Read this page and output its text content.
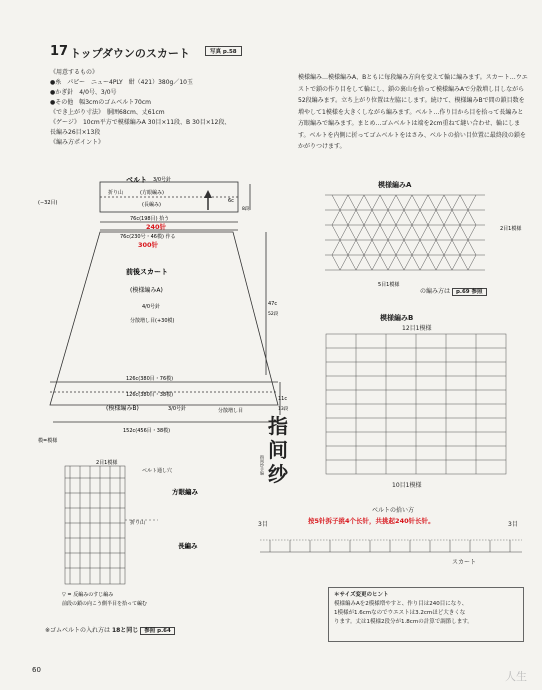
17 トップダウンのスカート	写真 p.58
《用意するもの》
●糸　パピー　ニュー4PLY　紺（421）380g／10玉
●かぎ針　4/0号、3/0号
●その他　幅3cmのゴムベルト70cm
《でき上がり寸法》　 胴囲68cm、丈61cm
《ゲージ》　 10cm平方で模様編みA 30目×11段、B 30目×12段、
長編み26目×13段
《編み方ポイント》
模様編み…模様編みA、Bともに毎段編み方向を変えて輪に編みます。スカート…ウエストで鎖の作り目をして輪にし、鎖の裏山を拾って模様編みAで分散増し目しながら52段編みます。立ち上がり位置は左脇にします。続けて、模様編みBで間の鎖目数を増やして1模様を大きくしながら編みます。ベルト…作り目から目を拾って長編みと方眼編みで編みます。まとめ…ゴムベルトは端を2cm重ねて縫い合わせ、輪にします。ベルトを内側に折ってゴムベルトをはさみ、ベルトの拾い目位置に最終段の鎖をかがりつけます。
ベルト 3/0号針
折り山	(方眼編み)
(長編み)
(−32目)	6c
8段
76c(198目) 拾う
240针
76c(230号・46模) 作る
300针
前後スカート
(模様編みA)
4/0号針
分散増し目(+30模)
47c
52段
126c(380目・76模)
126c(380目・38模)
(模様編みB)	3/0号針	分散増し目
11c
13段
152c(456目・38模)
模=模様
指
间
纱
指间纱手编
2目1模様
ベルト通し穴
方眼編み
折り山
長編み
▽ = 反編みのすじ編み
前段の鎖の向こう側半目を拾って編む
※ゴムベルトの入れ方は 18と同じ 参照 p.64
模様編みA
2目1模様
5目1模様
の編み方は p.69 参照
模様編みB
12目1模様
10目1模様
ベルトの拾い方
按5针拆子挑4个长针，共挑起240针长针。
3目	3目
スカート
＊サイズ変更のヒント
模様編みAを2模様増やすと、作り目は240目になり、
1模様が1.6cmなのでウエストは3.2cmほど大きくな
ります。丈は1模様2段分が1.8cmの計算で調節します。
60	人生
